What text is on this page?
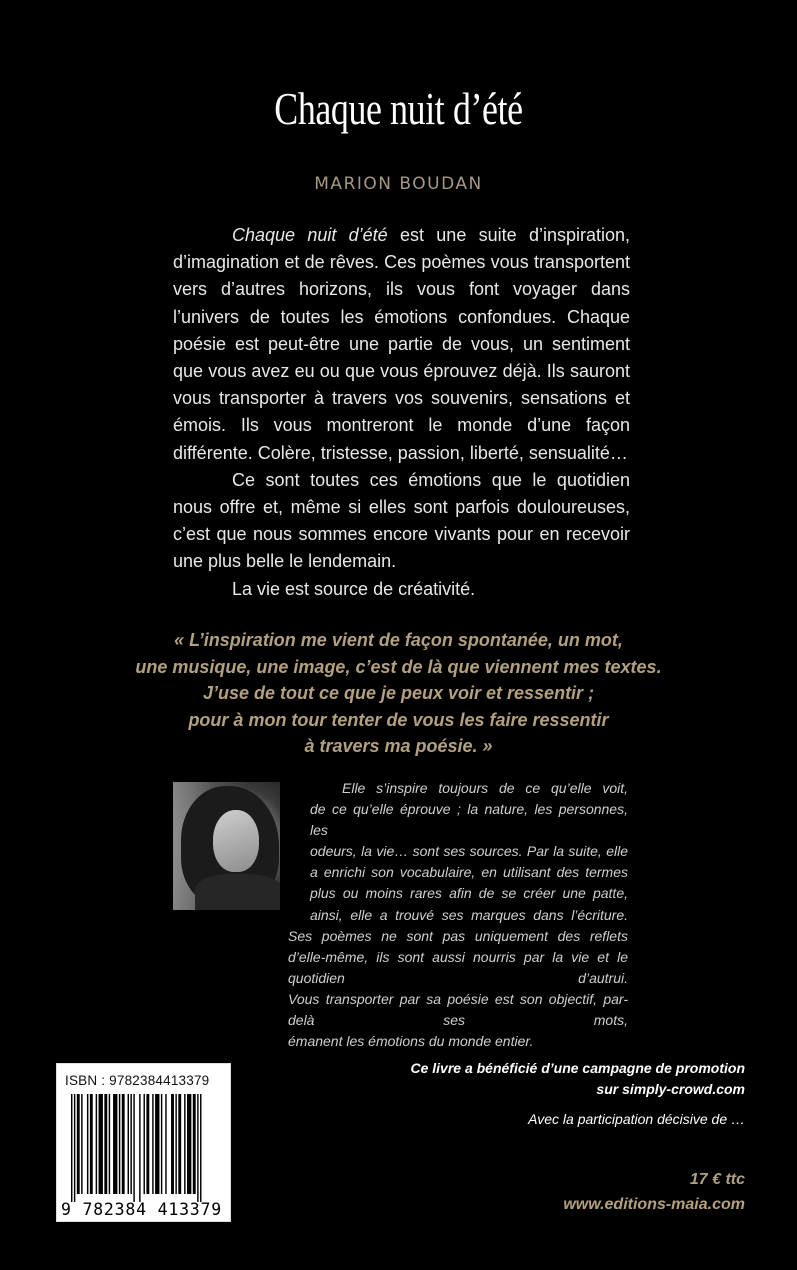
Chaque nuit d’été
MARION BOUDAN

Chaque nuit d’été est une suite d’inspiration, d’imagination et de rêves. Ces poèmes vous transportent vers d’autres horizons, ils vous font voyager dans l’univers de toutes les émotions confondues. Chaque poésie est peut-être une partie de vous, un sentiment que vous avez eu ou que vous éprouvez déjà. Ils sauront vous transporter à travers vos souvenirs, sensations et émois. Ils vous montreront le monde d’une façon différente. Colère, tristesse, passion, liberté, sensualité…

Ce sont toutes ces émotions que le quotidien nous offre et, même si elles sont parfois douloureuses, c’est que nous sommes encore vivants pour en recevoir une plus belle le lendemain.

La vie est source de créativité.

« L’inspiration me vient de façon spontanée, un mot,
une musique, une image, c’est de là que viennent mes textes.
J’use de tout ce que je peux voir et ressentir ;
pour à mon tour tenter de vous les faire ressentir
à travers ma poésie. »
Elle s’inspire toujours de ce qu’elle voit,
de ce qu’elle éprouve ; la nature, les personnes, les
odeurs, la vie… sont ses sources. Par la suite, elle
a enrichi son vocabulaire, en utilisant des termes
plus ou moins rares afin de se créer une patte,
ainsi, elle a trouvé ses marques dans l’écriture.
Ses poèmes ne sont pas uniquement des reflets
d’elle-même, ils sont aussi nourris par la vie et le quotidien d’autrui.
Vous transporter par sa poésie est son objectif, par-delà ses mots,
émanent les émotions du monde entier.
ISBN : 9782384413379
9 782384 413379
Ce livre a bénéficié d’une campagne de promotion
sur simply-crowd.com
Avec la participation décisive de …
17 € ttc
www.editions-maia.com
